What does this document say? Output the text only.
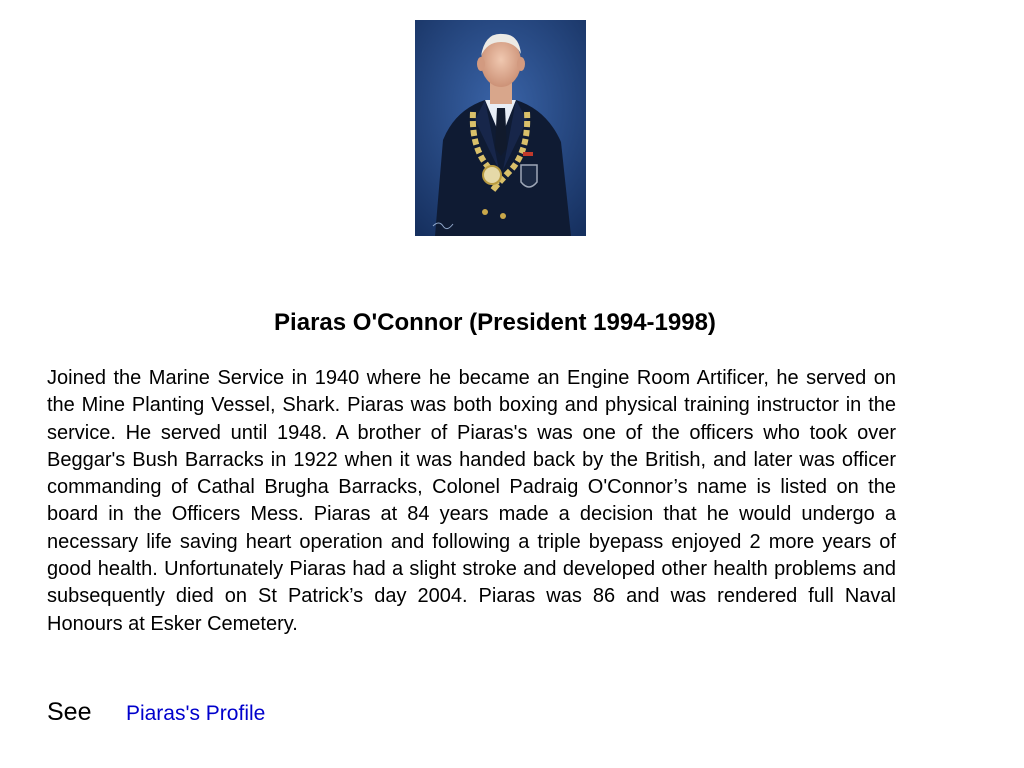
Piaras O'Connor (President 1994-1998)

Joined the Marine Service in 1940 where he became an Engine Room Artificer, he served on the Mine Planting Vessel, Shark. Piaras was both boxing and physical training instructor in the service. He served until 1948. A brother of Piaras's was one of the officers who took over Beggar's Bush Barracks in 1922 when it was handed back by the British, and later was officer commanding of Cathal Brugha Barracks, Colonel Padraig O'Connor’s name is listed on the board in the Officers Mess. Piaras at 84 years made a decision that he would undergo a necessary life saving heart operation and following a triple byepass enjoyed 2 more years of good health. Unfortunately Piaras had a slight stroke and developed other health problems and subsequently died on St Patrick’s day 2004. Piaras was 86 and was rendered full Naval Honours at Esker Cemetery.

See Piaras's Profile
